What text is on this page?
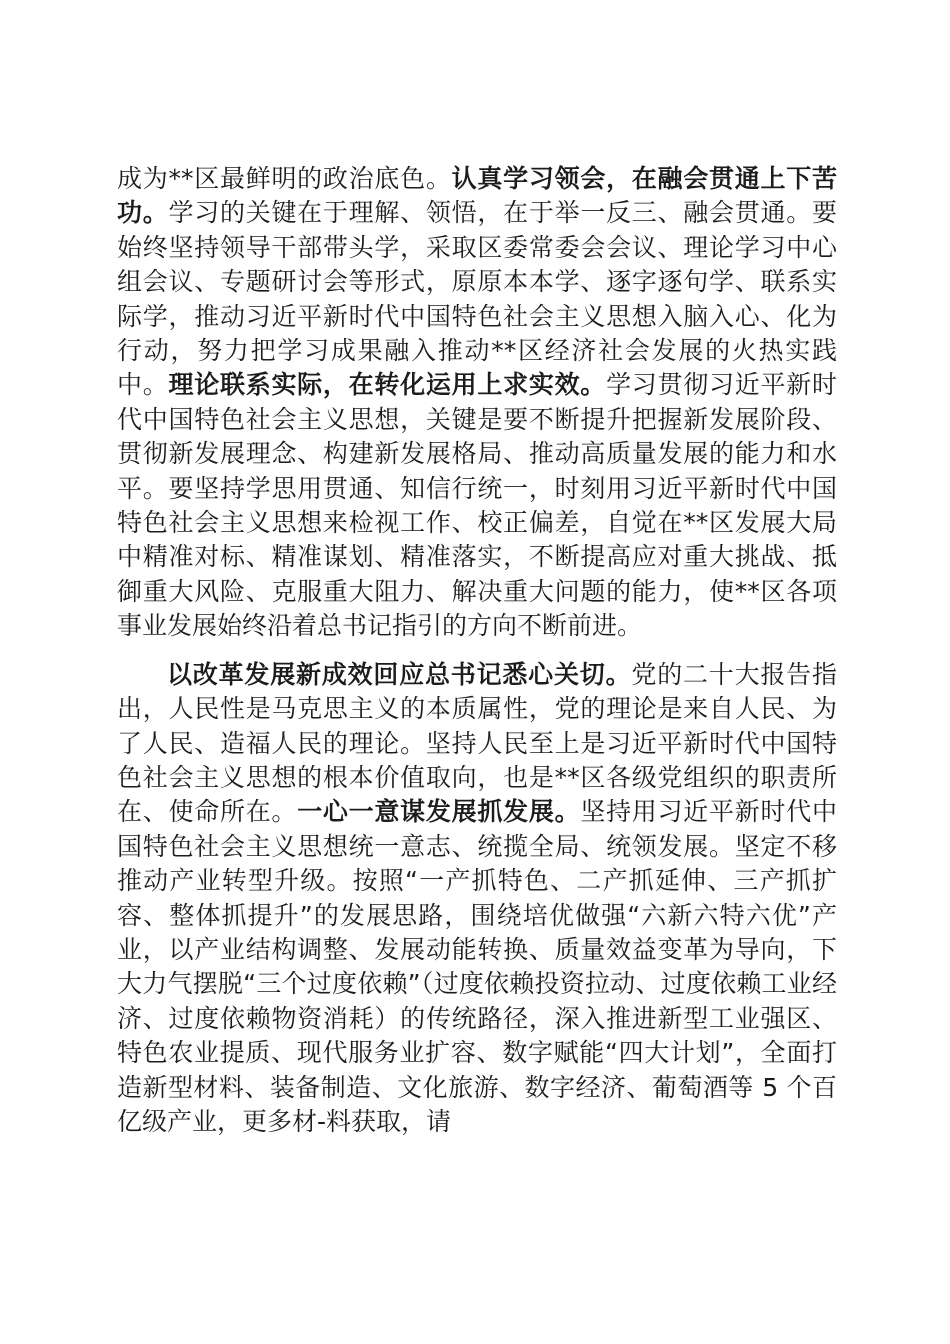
成为**区最鲜明的政治底色。认真学习领会，在融会贯通上下苦功。学习的关键在于理解、领悟，在于举一反三、融会贯通。要始终坚持领导干部带头学，采取区委常委会会议、理论学习中心组会议、专题研讨会等形式，原原本本学、逐字逐句学、联系实际学，推动习近平新时代中国特色社会主义思想入脑入心、化为行动，努力把学习成果融入推动**区经济社会发展的火热实践中。理论联系实际，在转化运用上求实效。学习贯彻习近平新时代中国特色社会主义思想，关键是要不断提升把握新发展阶段、贯彻新发展理念、构建新发展格局、推动高质量发展的能力和水平。要坚持学思用贯通、知信行统一，时刻用习近平新时代中国特色社会主义思想来检视工作、校正偏差，自觉在**区发展大局中精准对标、精准谋划、精准落实，不断提高应对重大挑战、抵御重大风险、克服重大阻力、解决重大问题的能力，使**区各项事业发展始终沿着总书记指引的方向不断前进。

以改革发展新成效回应总书记悉心关切。党的二十大报告指出，人民性是马克思主义的本质属性，党的理论是来自人民、为了人民、造福人民的理论。坚持人民至上是习近平新时代中国特色社会主义思想的根本价值取向，也是**区各级党组织的职责所在、使命所在。一心一意谋发展抓发展。坚持用习近平新时代中国特色社会主义思想统一意志、统揽全局、统领发展。坚定不移推动产业转型升级。按照“一产抓特色、二产抓延伸、三产抓扩容、整体抓提升”的发展思路，围绕培优做强“六新六特六优”产业，以产业结构调整、发展动能转换、质量效益变革为导向，下大力气摆脱“三个过度依赖”（过度依赖投资拉动、过度依赖工业经济、过度依赖物资消耗）的传统路径，深入推进新型工业强区、特色农业提质、现代服务业扩容、数字赋能“四大计划”，全面打造新型材料、装备制造、文化旅游、数字经济、葡萄酒等 5 个百亿级产业，更多材-料获取，请
